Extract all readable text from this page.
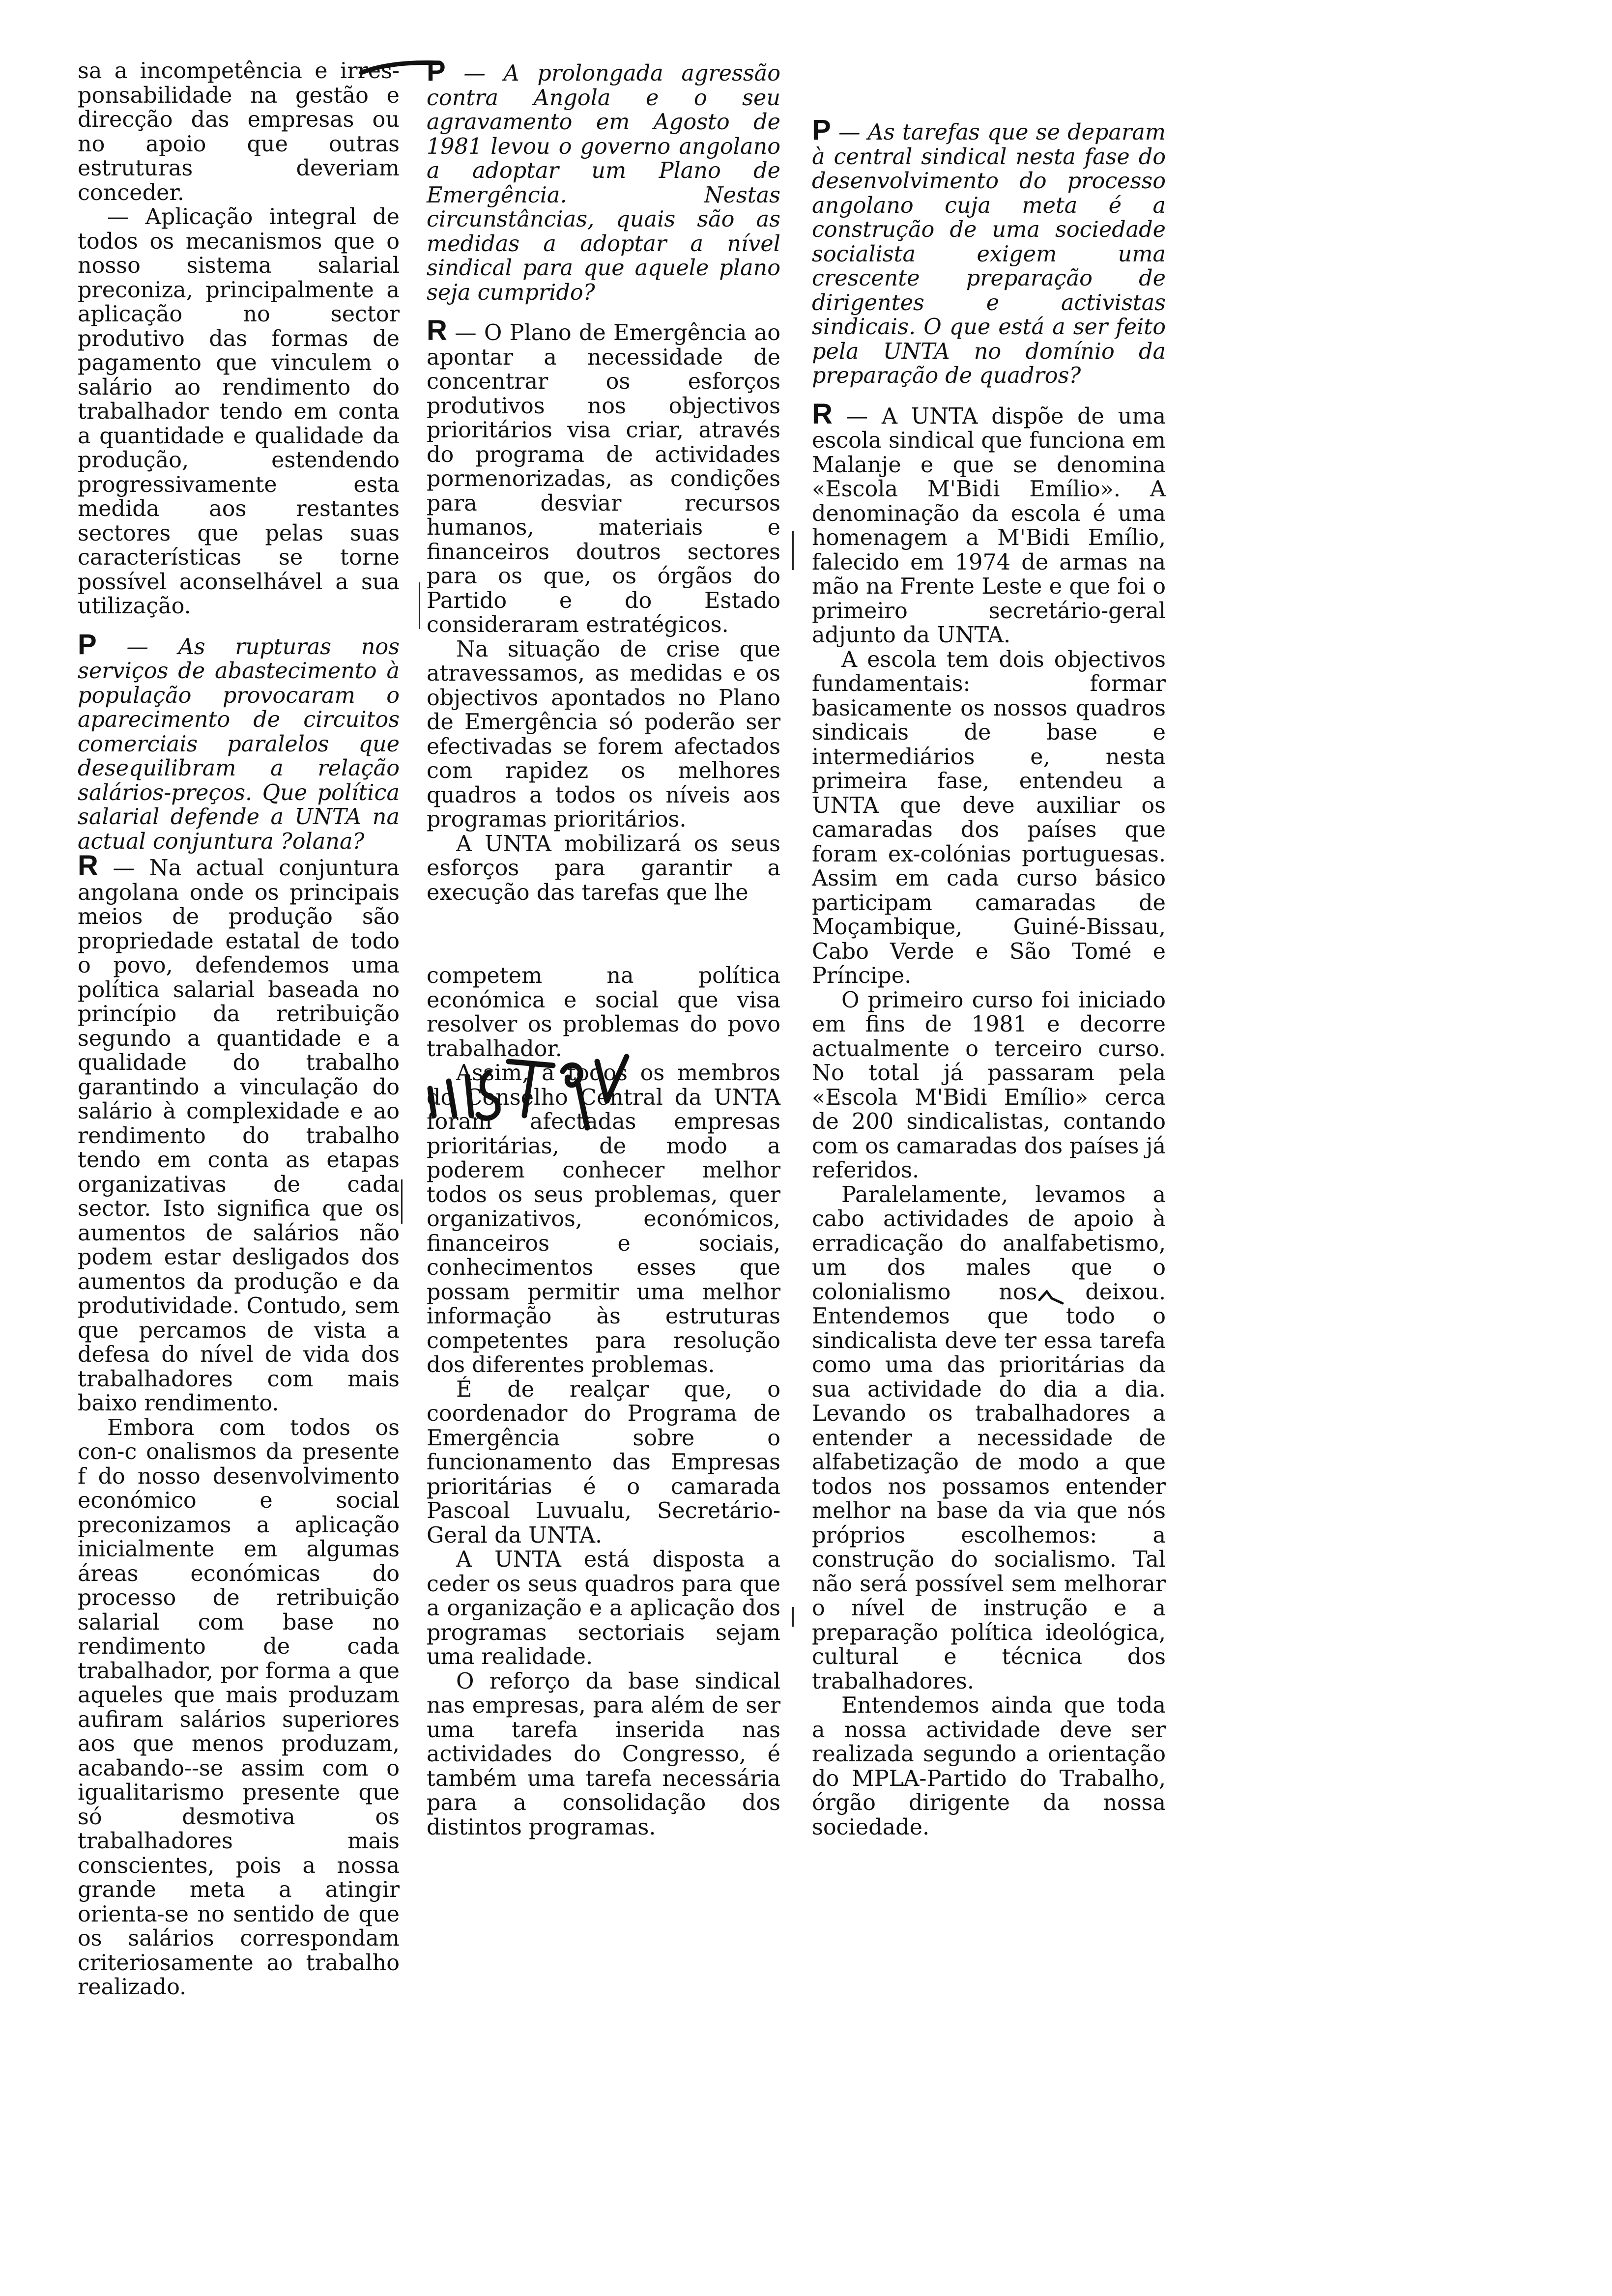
sa a incompetência e irres-ponsabilidade na gestão e direcção das empresas ou no apoio que outras estruturas deveriam conceder.

— Aplicação integral de todos os mecanismos que o nosso sistema salarial preconiza, principalmente a aplicação no sector produtivo das formas de pagamento que vinculem o salário ao rendimento do trabalhador tendo em conta a quantidade e qualidade da produção, estendendo progressivamente esta medida aos restantes sectores que pelas suas características se torne possível aconselhável a sua utilização.

P — As rupturas nos serviços de abastecimento à população provocaram o aparecimento de circuitos comerciais paralelos que desequilibram a relação salários-preços. Que política salarial defende a UNTA na actual conjuntura ?olana?

R — Na actual conjuntura angolana onde os principais meios de produção são propriedade estatal de todo o povo, defendemos uma política salarial baseada no princípio da retribuição segundo a quantidade e a qualidade do trabalho garantindo a vinculação do salário à complexidade e ao rendimento do trabalho tendo em conta as etapas organizativas de cada sector. Isto significa que os aumentos de salários não podem estar desligados dos aumentos da produção e da produtividade. Contudo, sem que percamos de vista a defesa do nível de vida dos trabalhadores com mais baixo rendimento.

Embora com todos os con-c onalismos da presente f do nosso desenvolvimento económico e social preconizamos a aplicação inicialmente em algumas áreas económicas do processo de retribuição salarial com base no rendimento de cada trabalhador, por forma a que aqueles que mais produzam aufiram salários superiores aos que menos produzam, acabando--se assim com o igualitarismo presente que só desmotiva os trabalhadores mais conscientes, pois a nossa grande meta a atingir orienta-se no sentido de que os salários correspondam criteriosamente ao trabalho realizado.

P — A prolongada agressão contra Angola e o seu agravamento em Agosto de 1981 levou o governo angolano a adoptar um Plano de Emergência. Nestas circunstâncias, quais são as medidas a adoptar a nível sindical para que aquele plano seja cumprido?

R — O Plano de Emergência ao apontar a necessidade de concentrar os esforços produtivos nos objectivos prioritários visa criar, através do programa de actividades pormenorizadas, as condições para desviar recursos humanos, materiais e financeiros doutros sectores para os que, os órgãos do Partido e do Estado consideraram estratégicos.

Na situação de crise que atravessamos, as medidas e os objectivos apontados no Plano de Emergência só poderão ser efectivadas se forem afectados com rapidez os melhores quadros a todos os níveis aos programas prioritários.

A UNTA mobilizará os seus esforços para garantir a execução das tarefas que lhe

competem na política económica e social que visa resolver os problemas do povo trabalhador.

Assim, a todos os membros do Conselho Central da UNTA foram afectadas empresas prioritárias, de modo a poderem conhecer melhor todos os seus problemas, quer organizativos, económicos, financeiros e sociais, conhecimentos esses que possam permitir uma melhor informação às estruturas competentes para resolução dos diferentes problemas.

É de realçar que, o coordenador do Programa de Emergência sobre o funcionamento das Empresas prioritárias é o camarada Pascoal Luvualu, Secretário-Geral da UNTA.

A UNTA está disposta a ceder os seus quadros para que a organização e a aplicação dos programas sectoriais sejam uma realidade.

O reforço da base sindical nas empresas, para além de ser uma tarefa inserida nas actividades do Congresso, é também uma tarefa necessária para a consolidação dos distintos programas.

P — As tarefas que se deparam à central sindical nesta fase do desenvolvimento do processo angolano cuja meta é a construção de uma sociedade socialista exigem uma crescente preparação de dirigentes e activistas sindicais. O que está a ser feito pela UNTA no domínio da preparação de quadros?

R — A UNTA dispõe de uma escola sindical que funciona em Malanje e que se denomina «Escola M'Bidi Emílio». A denominação da escola é uma homenagem a M'Bidi Emílio, falecido em 1974 de armas na mão na Frente Leste e que foi o primeiro secretário-geral adjunto da UNTA.

A escola tem dois objectivos fundamentais: formar basicamente os nossos quadros sindicais de base e intermediários e, nesta primeira fase, entendeu a UNTA que deve auxiliar os camaradas dos países que foram ex-colónias portuguesas. Assim em cada curso básico participam camaradas de Moçambique, Guiné-Bissau, Cabo Verde e São Tomé e Príncipe.

O primeiro curso foi iniciado em fins de 1981 e decorre actualmente o terceiro curso. No total já passaram pela «Escola M'Bidi Emílio» cerca de 200 sindicalistas, contando com os camaradas dos países já referidos.

Paralelamente, levamos a cabo actividades de apoio à erradicação do analfabetismo, um dos males que o colonialismo nos deixou. Entendemos que todo o sindicalista deve ter essa tarefa como uma das prioritárias da sua actividade do dia a dia. Levando os trabalhadores a entender a necessidade de alfabetização de modo a que todos nos possamos entender melhor na base da via que nós próprios escolhemos: a construção do socialismo. Tal não será possível sem melhorar o nível de instrução e a preparação política ideológica, cultural e técnica dos trabalhadores.

Entendemos ainda que toda a nossa actividade deve ser realizada segundo a orientação do MPLA-Partido do Trabalho, órgão dirigente da nossa sociedade.
